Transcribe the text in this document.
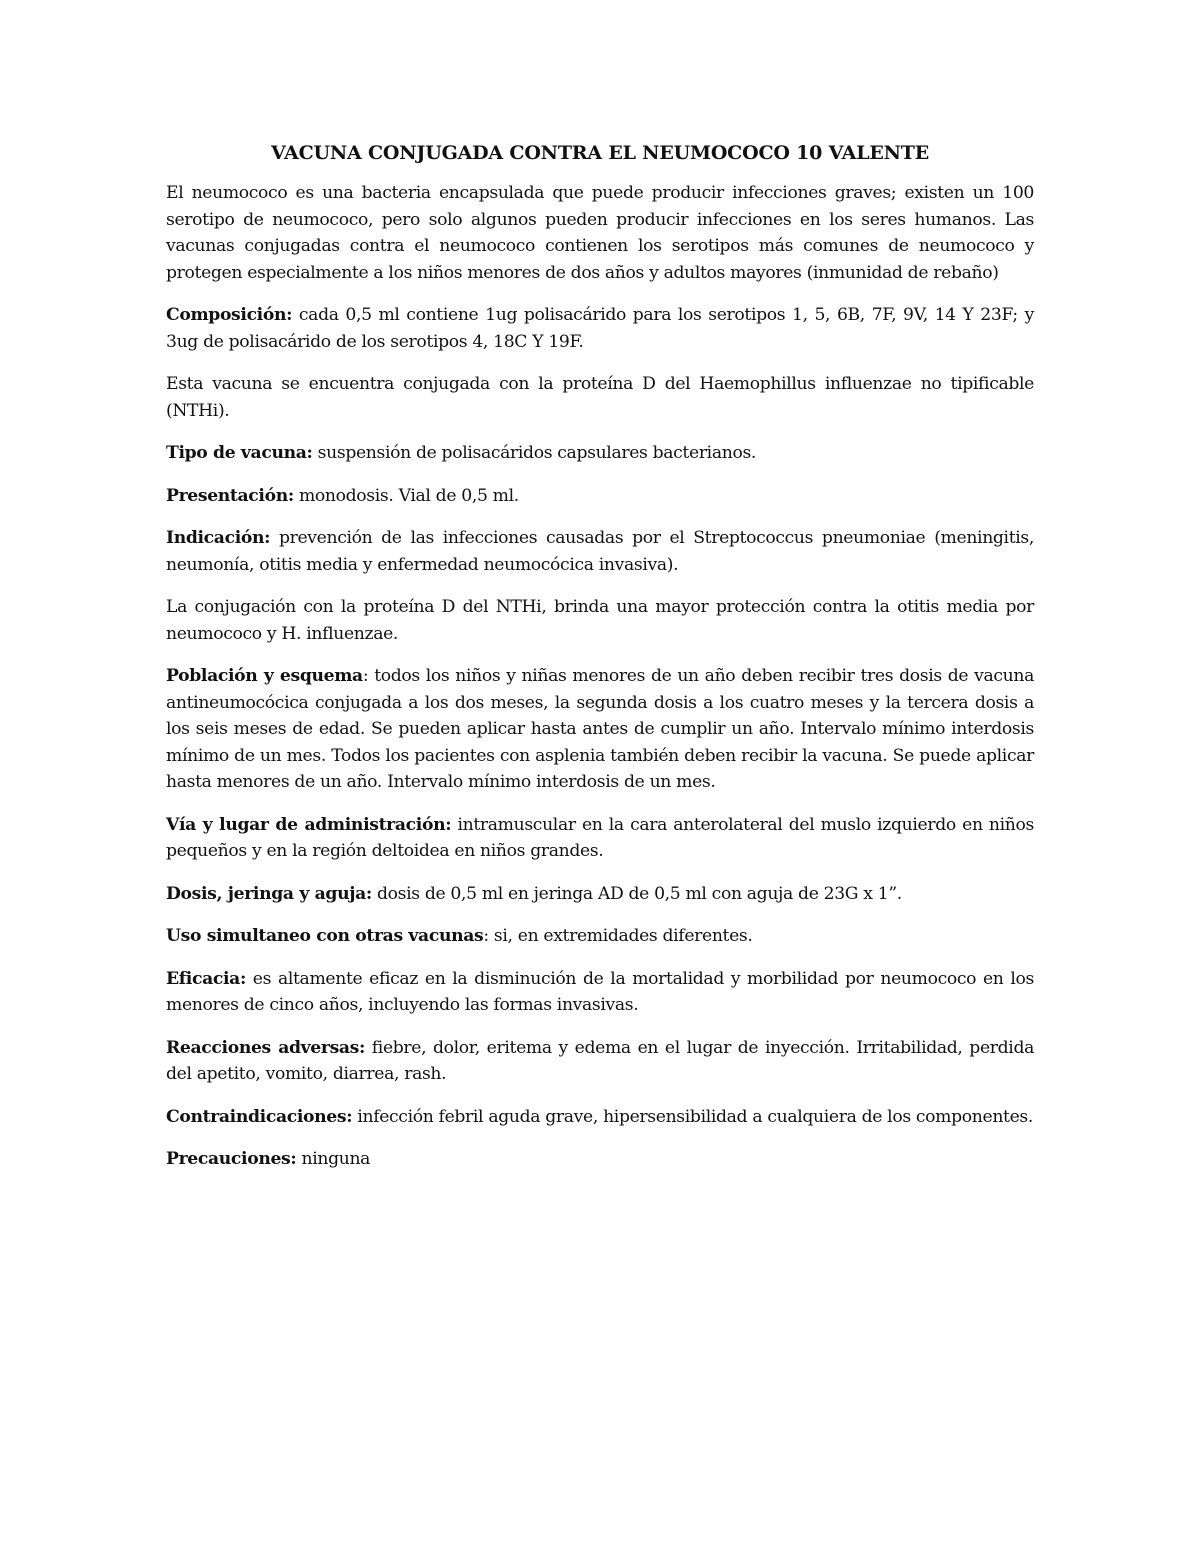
VACUNA CONJUGADA CONTRA EL NEUMOCOCO 10 VALENTE

El neumococo es una bacteria encapsulada que puede producir infecciones graves; existen un 100 serotipo de neumococo, pero solo algunos pueden producir infecciones en los seres humanos. Las vacunas conjugadas contra el neumococo contienen los serotipos más comunes de neumococo y protegen especialmente a los niños menores de dos años y adultos mayores (inmunidad de rebaño)

Composición: cada 0,5 ml contiene 1ug polisacárido para los serotipos 1, 5, 6B, 7F, 9V, 14 Y 23F; y 3ug de polisacárido de los serotipos 4, 18C Y 19F.

Esta vacuna se encuentra conjugada con la proteína D del Haemophillus influenzae no tipificable (NTHi).

Tipo de vacuna: suspensión de polisacáridos capsulares bacterianos.

Presentación: monodosis. Vial de 0,5 ml.

Indicación: prevención de las infecciones causadas por el Streptococcus pneumoniae (meningitis, neumonía, otitis media y enfermedad neumocócica invasiva).

La conjugación con la proteína D del NTHi, brinda una mayor protección contra la otitis media por neumococo y H. influenzae.

Población y esquema: todos los niños y niñas menores de un año deben recibir tres dosis de vacuna antineumocócica conjugada a los dos meses, la segunda dosis a los cuatro meses y la tercera dosis a los seis meses de edad. Se pueden aplicar hasta antes de cumplir un año. Intervalo mínimo interdosis mínimo de un mes. Todos los pacientes con asplenia también deben recibir la vacuna. Se puede aplicar hasta menores de un año. Intervalo mínimo interdosis de un mes.

Vía y lugar de administración: intramuscular en la cara anterolateral del muslo izquierdo en niños pequeños y en la región deltoidea en niños grandes.

Dosis, jeringa y aguja: dosis de 0,5 ml en jeringa AD de 0,5 ml con aguja de 23G x 1”.

Uso simultaneo con otras vacunas: si, en extremidades diferentes.

Eficacia: es altamente eficaz en la disminución de la mortalidad y morbilidad por neumococo en los menores de cinco años, incluyendo las formas invasivas.

Reacciones adversas: fiebre, dolor, eritema y edema en el lugar de inyección. Irritabilidad, perdida del apetito, vomito, diarrea, rash.

Contraindicaciones: infección febril aguda grave, hipersensibilidad a cualquiera de los componentes.

Precauciones: ninguna
